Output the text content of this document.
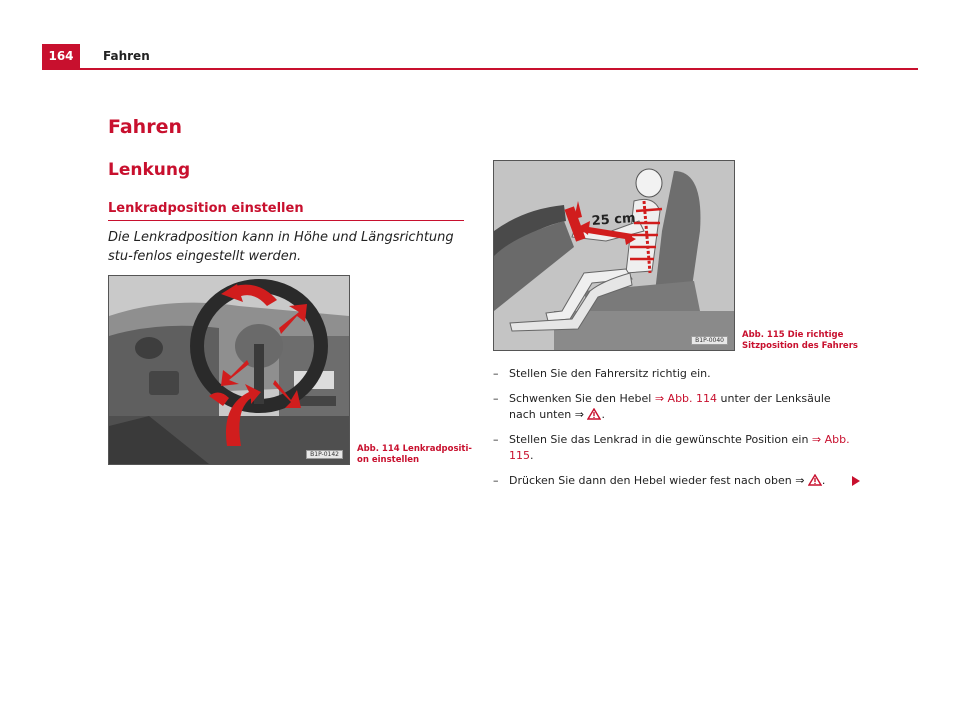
164	Fahren
Fahren
Lenkung
Lenkradposition einstellen
Die Lenkradposition kann in Höhe und Längsrichtung stu-fenlos eingestellt werden.
B1P-0142
Abb. 114 Lenkradpositi-
on einstellen
25 cm
B1P-0040
Abb. 115 Die richtige
Sitzposition des Fahrers
– Stellen Sie den Fahrersitz richtig ein.
– Schwenken Sie den Hebel ⇒ Abb. 114 unter der Lenksäule nach unten ⇒ .
– Stellen Sie das Lenkrad in die gewünschte Position ein ⇒ Abb. 115.
– Drücken Sie dann den Hebel wieder fest nach oben ⇒ .
